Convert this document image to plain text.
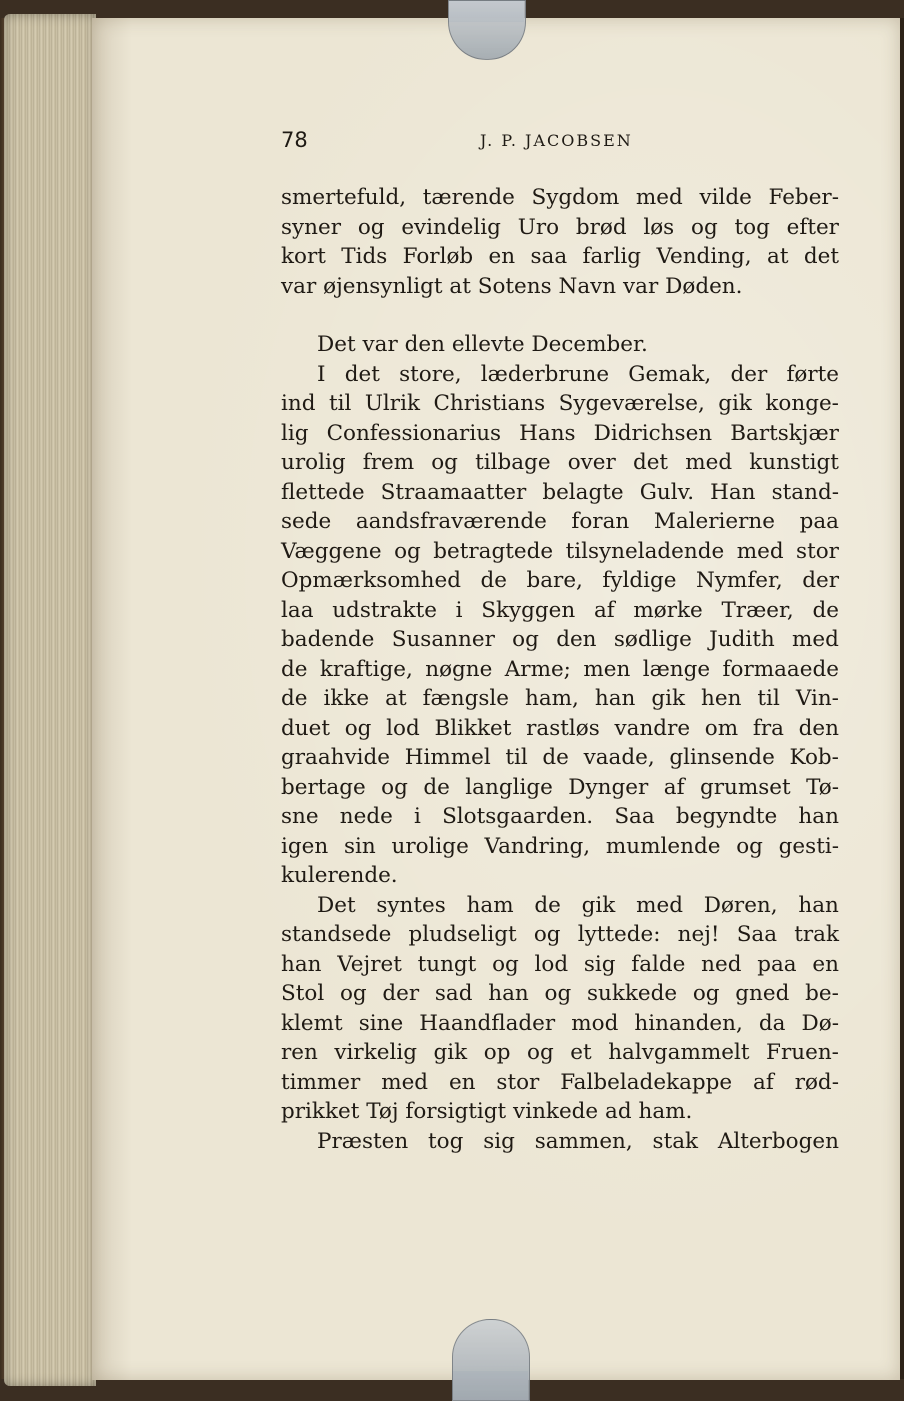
78	J. P. JACOBSEN
smertefuld, tærende Sygdom med vilde Feber-
syner og evindelig Uro brød løs og tog efter
kort Tids Forløb en saa farlig Vending, at det
var øjensynligt at Sotens Navn var Døden.
Det var den ellevte December.
I det store, læderbrune Gemak, der førte
ind til Ulrik Christians Sygeværelse, gik konge-
lig Confessionarius Hans Didrichsen Bartskjær
urolig frem og tilbage over det med kunstigt
flettede Straamaatter belagte Gulv. Han stand-
sede aandsfraværende foran Malerierne paa
Væggene og betragtede tilsyneladende med stor
Opmærksomhed de bare, fyldige Nymfer, der
laa udstrakte i Skyggen af mørke Træer, de
badende Susanner og den sødlige Judith med
de kraftige, nøgne Arme; men længe formaaede
de ikke at fængsle ham, han gik hen til Vin-
duet og lod Blikket rastløs vandre om fra den
graahvide Himmel til de vaade, glinsende Kob-
bertage og de langlige Dynger af grumset Tø-
sne nede i Slotsgaarden. Saa begyndte han
igen sin urolige Vandring, mumlende og gesti-
kulerende.
Det syntes ham de gik med Døren, han
standsede pludseligt og lyttede: nej! Saa trak
han Vejret tungt og lod sig falde ned paa en
Stol og der sad han og sukkede og gned be-
klemt sine Haandflader mod hinanden, da Dø-
ren virkelig gik op og et halvgammelt Fruen-
timmer med en stor Falbeladekappe af rød-
prikket Tøj forsigtigt vinkede ad ham.
Præsten tog sig sammen, stak Alterbogen
